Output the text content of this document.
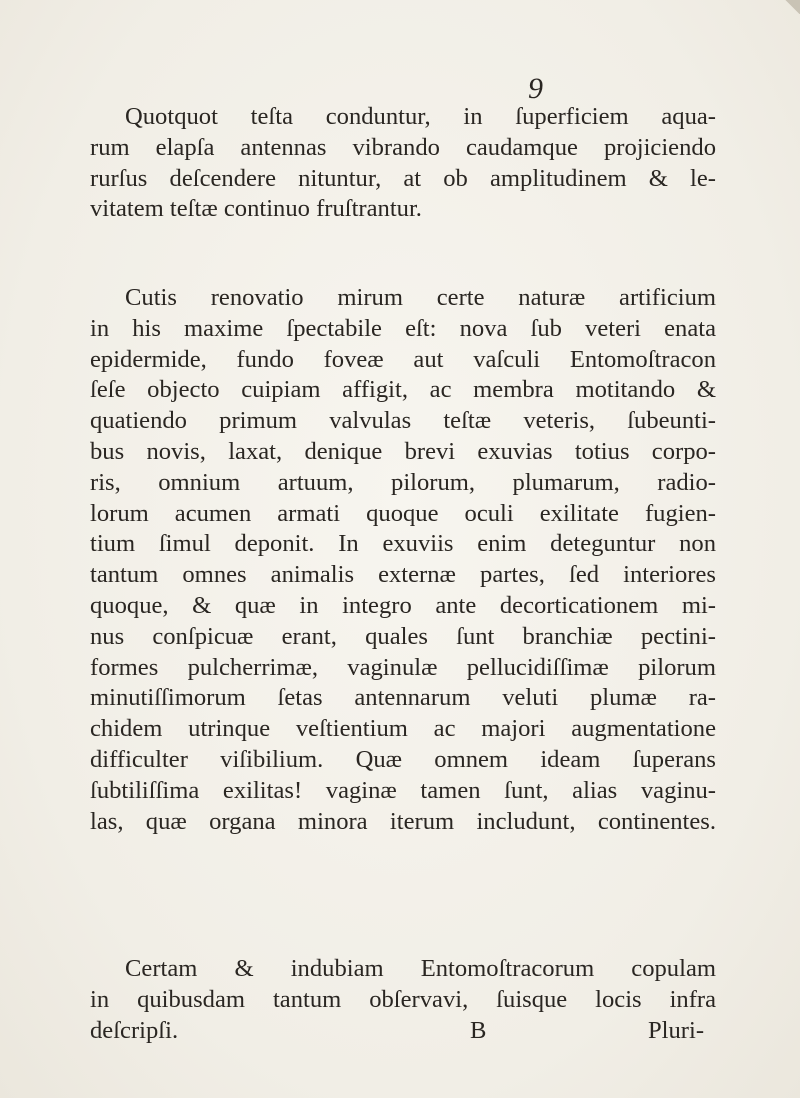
9
Quotquot teſta conduntur, in ſuperficiem aqua-
rum elapſa antennas vibrando caudamque projiciendo
rurſus deſcendere nituntur, at ob amplitudinem & le-
vitatem teſtæ continuo fruſtrantur.
Cutis renovatio mirum certe naturæ artificium
in his maxime ſpectabile eſt: nova ſub veteri enata
epidermide, fundo foveæ aut vaſculi Entomoſtracon
ſeſe objecto cuipiam affigit, ac membra motitando &
quatiendo primum valvulas teſtæ veteris, ſubeunti-
bus novis, laxat, denique brevi exuvias totius corpo-
ris, omnium artuum, pilorum, plumarum, radio-
lorum acumen armati quoque oculi exilitate fugien-
tium ſimul deponit. In exuviis enim deteguntur non
tantum omnes animalis externæ partes, ſed interiores
quoque, & quæ in integro ante decorticationem mi-
nus conſpicuæ erant, quales ſunt branchiæ pectini-
formes pulcherrimæ, vaginulæ pellucidiſſimæ pilorum
minutiſſimorum ſetas antennarum veluti plumæ ra-
chidem utrinque veſtientium ac majori augmentatione
difficulter viſibilium. Quæ omnem ideam ſuperans
ſubtiliſſima exilitas! vaginæ tamen ſunt, alias vaginu-
las, quæ organa minora iterum includunt, continentes.
Certam & indubiam Entomoſtracorum copulam
in quibusdam tantum obſervavi, ſuisque locis infra
deſcripſi.	B	Pluri-
